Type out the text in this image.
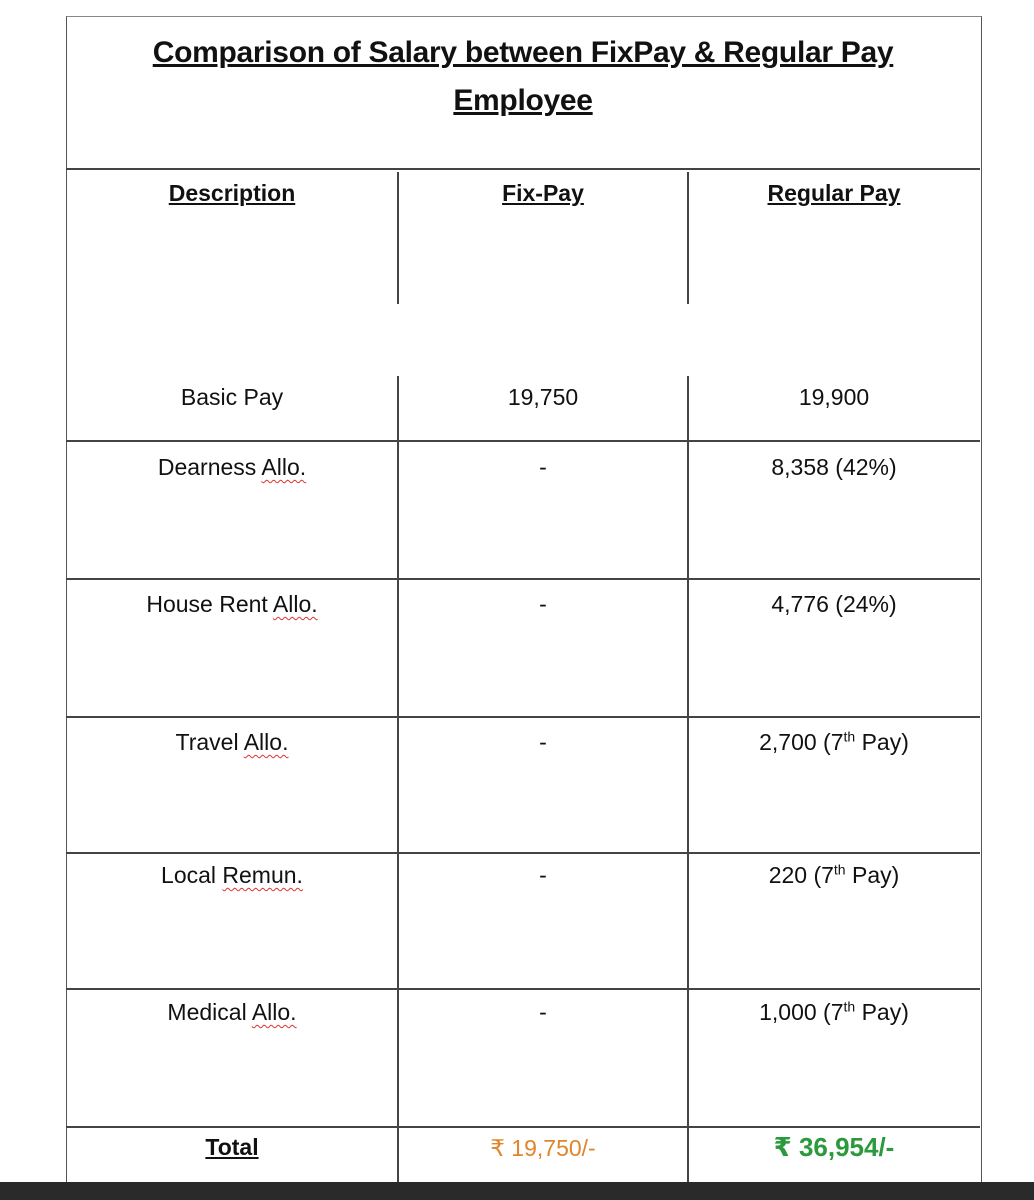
Comparison of Salary between FixPay & Regular Pay
Employee
Description	Fix-Pay	Regular Pay
Basic Pay	19,750	19,900
Dearness Allo.	-	8,358 (42%)
House Rent Allo.	-	4,776 (24%)
Travel Allo.	-	2,700 (7th Pay)
Local Remun.	-	220 (7th Pay)
Medical Allo.	-	1,000 (7th Pay)
Total	₹ 19,750/-	₹ 36,954/-
